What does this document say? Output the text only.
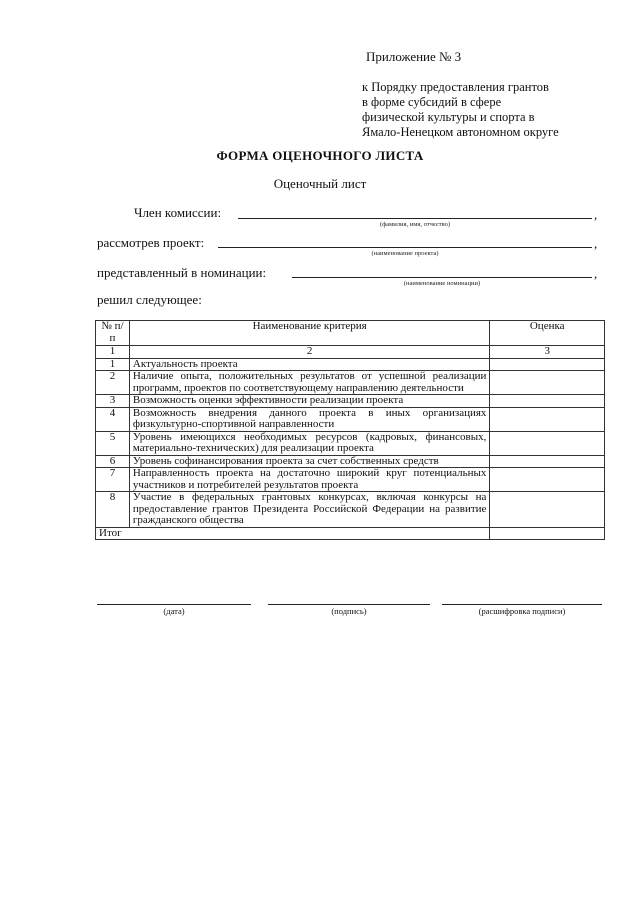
Приложение № 3
к Порядку предоставления грантов
в форме субсидий в сфере
физической культуры и спорта в
Ямало-Ненецком автономном округе
ФОРМА ОЦЕНОЧНОГО ЛИСТА
Оценочный лист
Член комиссии:	,
(фамилия, имя, отчество)
рассмотрев проект:	,
(наименование проекта)
представленный в номинации:	,
(наименование номинации)
решил следующее:
№ п/п	Наименование критерия	Оценка
1	2	3
1	Актуальность проекта	
2	Наличие опыта, положительных результатов от успешной реализации программ, проектов по соответствующему направлению деятельности	
3	Возможность оценки эффективности реализации проекта	
4	Возможность внедрения данного проекта в иных организациях физкультурно-спортивной направленности	
5	Уровень имеющихся необходимых ресурсов (кадровых, финансовых, материально-технических) для реализации проекта	
6	Уровень софинансирования проекта за счет собственных средств	
7	Направленность проекта на достаточно широкий круг потенциальных участников и потребителей результатов проекта	
8	Участие в федеральных грантовых конкурсах, включая конкурсы на предоставление грантов Президента Российской Федерации на развитие гражданского общества	
Итог		
(дата)	(подпись)	(расшифровка подписи)
